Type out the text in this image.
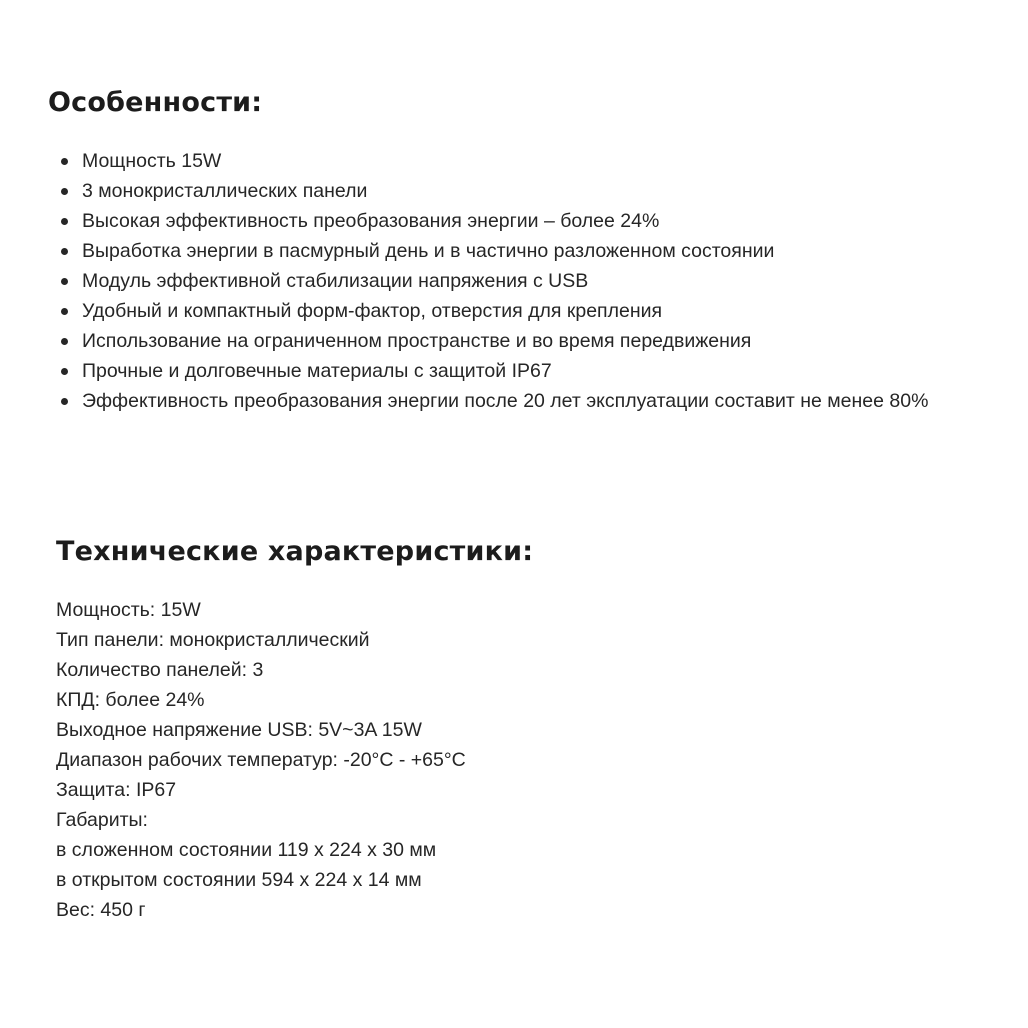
Особенности:
Мощность 15W
3 монокристаллических панели
Высокая эффективность преобразования энергии – более 24%
Выработка энергии в пасмурный день и в частично разложенном состоянии
Модуль эффективной стабилизации напряжения с USB
Удобный и компактный форм-фактор, отверстия для крепления
Использование на ограниченном пространстве и во время передвижения
Прочные и долговечные материалы с защитой IP67
Эффективность преобразования энергии после 20 лет эксплуатации составит не менее 80%
Технические характеристики:
Мощность: 15W
Тип панели: монокристаллический
Количество панелей: 3
КПД: более 24%
Выходное напряжение USB: 5V~3A 15W
Диапазон рабочих температур: -20°C - +65°C
Защита: IP67
Габариты:
в сложенном состоянии 119 x 224 x 30 мм
в открытом состоянии 594 x 224 x 14 мм
Вес: 450 г
